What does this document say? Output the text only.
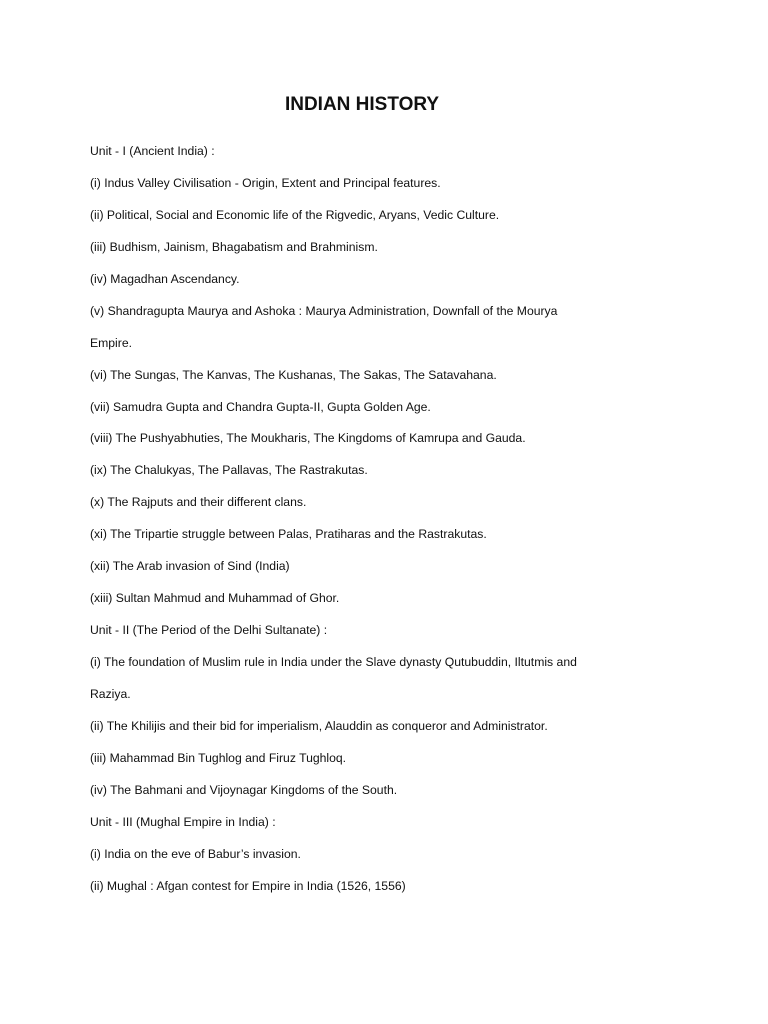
INDIAN HISTORY
Unit - I (Ancient India) :
(i) Indus Valley Civilisation - Origin, Extent and Principal features.
(ii) Political, Social and Economic life of the Rigvedic, Aryans, Vedic Culture.
(iii) Budhism, Jainism, Bhagabatism and Brahminism.
(iv) Magadhan Ascendancy.
(v) Shandragupta Maurya and Ashoka : Maurya Administration, Downfall of the Mourya
Empire.
(vi) The Sungas, The Kanvas, The Kushanas, The Sakas, The Satavahana.
(vii) Samudra Gupta and Chandra Gupta-II, Gupta Golden Age.
(viii) The Pushyabhuties, The Moukharis, The Kingdoms of Kamrupa and Gauda.
(ix) The Chalukyas, The Pallavas, The Rastrakutas.
(x) The Rajputs and their different clans.
(xi) The Tripartie struggle between Palas, Pratiharas and the Rastrakutas.
(xii) The Arab invasion of Sind (India)
(xiii) Sultan Mahmud and Muhammad of Ghor.
Unit - II (The Period of the Delhi Sultanate) :
(i) The foundation of Muslim rule in India under the Slave dynasty Qutubuddin, Iltutmis and
Raziya.
(ii) The Khilijis and their bid for imperialism, Alauddin as conqueror and Administrator.
(iii) Mahammad Bin Tughlog and Firuz Tughloq.
(iv) The Bahmani and Vijoynagar Kingdoms of the South.
Unit - III (Mughal Empire in India) :
(i) India on the eve of Babur’s invasion.
(ii) Mughal : Afgan contest for Empire in India (1526, 1556)
